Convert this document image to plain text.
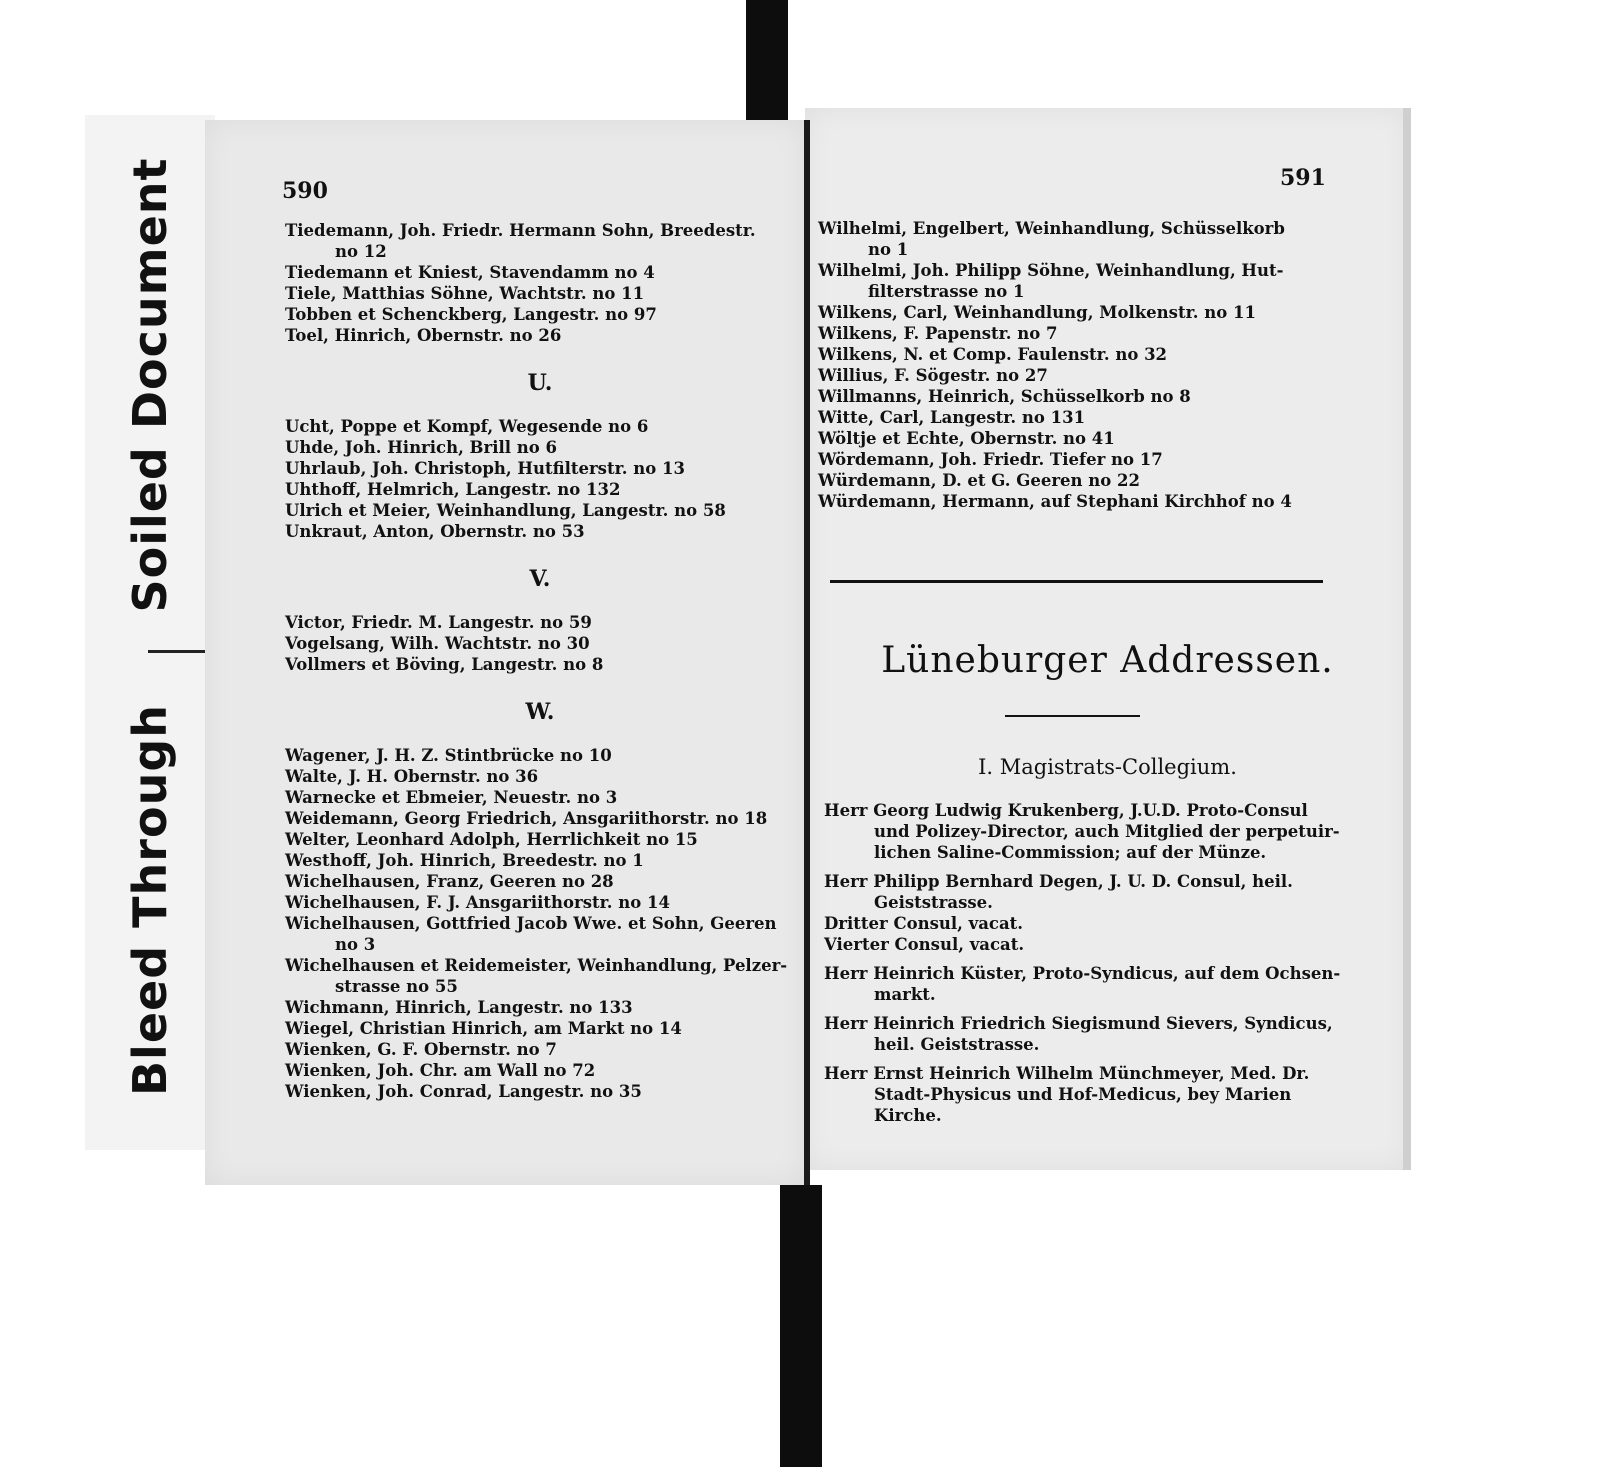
Soiled Document
Bleed Through
590
Tiedemann, Joh. Friedr. Hermann Sohn, Breedestr.
no 12
Tiedemann et Kniest, Stavendamm no 4
Tiele, Matthias Söhne, Wachtstr. no 11
Tobben et Schenckberg, Langestr. no 97
Toel, Hinrich, Obernstr. no 26
U.
Ucht, Poppe et Kompf, Wegesende no 6
Uhde, Joh. Hinrich, Brill no 6
Uhrlaub, Joh. Christoph, Hutfilterstr. no 13
Uhthoff, Helmrich, Langestr. no 132
Ulrich et Meier, Weinhandlung, Langestr. no 58
Unkraut, Anton, Obernstr. no 53
V.
Victor, Friedr. M. Langestr. no 59
Vogelsang, Wilh. Wachtstr. no 30
Vollmers et Böving, Langestr. no 8
W.
Wagener, J. H. Z. Stintbrücke no 10
Walte, J. H. Obernstr. no 36
Warnecke et Ebmeier, Neuestr. no 3
Weidemann, Georg Friedrich, Ansgariithorstr. no 18
Welter, Leonhard Adolph, Herrlichkeit no 15
Westhoff, Joh. Hinrich, Breedestr. no 1
Wichelhausen, Franz, Geeren no 28
Wichelhausen, F. J. Ansgariithorstr. no 14
Wichelhausen, Gottfried Jacob Wwe. et Sohn, Geeren
no 3
Wichelhausen et Reidemeister, Weinhandlung, Pelzer-
strasse no 55
Wichmann, Hinrich, Langestr. no 133
Wiegel, Christian Hinrich, am Markt no 14
Wienken, G. F. Obernstr. no 7
Wienken, Joh. Chr. am Wall no 72
Wienken, Joh. Conrad, Langestr. no 35
591
Wilhelmi, Engelbert, Weinhandlung, Schüsselkorb
no 1
Wilhelmi, Joh. Philipp Söhne, Weinhandlung, Hut-
filterstrasse no 1
Wilkens, Carl, Weinhandlung, Molkenstr. no 11
Wilkens, F. Papenstr. no 7
Wilkens, N. et Comp. Faulenstr. no 32
Willius, F. Sögestr. no 27
Willmanns, Heinrich, Schüsselkorb no 8
Witte, Carl, Langestr. no 131
Wöltje et Echte, Obernstr. no 41
Wördemann, Joh. Friedr. Tiefer no 17
Würdemann, D. et G. Geeren no 22
Würdemann, Hermann, auf Stephani Kirchhof no 4
Lüneburger Addressen.
I. Magistrats-Collegium.
Herr Georg Ludwig Krukenberg, J.U.D. Proto-Consul
und Polizey-Director, auch Mitglied der perpetuir-
lichen Saline-Commission; auf der Münze.
Herr Philipp Bernhard Degen, J. U. D. Consul, heil.
Geiststrasse.
Dritter Consul, vacat.
Vierter Consul, vacat.
Herr Heinrich Küster, Proto-Syndicus, auf dem Ochsen-
markt.
Herr Heinrich Friedrich Siegismund Sievers, Syndicus,
heil. Geiststrasse.
Herr Ernst Heinrich Wilhelm Münchmeyer, Med. Dr.
Stadt-Physicus und Hof-Medicus, bey Marien
Kirche.
